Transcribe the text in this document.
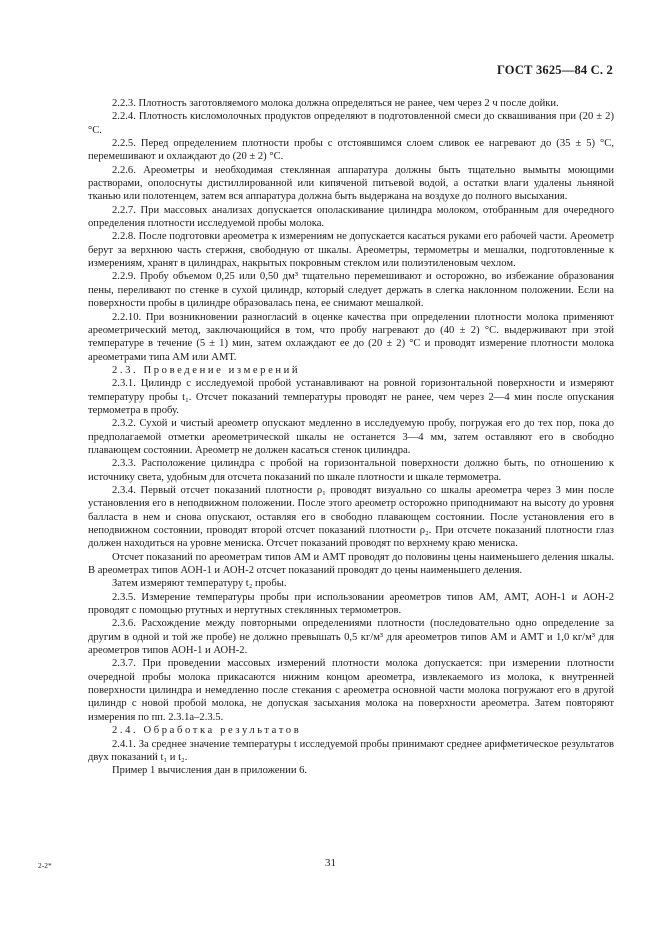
ГОСТ 3625—84 С. 2

2.2.3. Плотность заготовляемого молока должна определяться не ранее, чем через 2 ч после дойки.

2.2.4. Плотность кисломолочных продуктов определяют в подготовленной смеси до сквашивания при (20 ± 2) °С.

2.2.5. Перед определением плотности пробы с отстоявшимся слоем сливок ее нагревают до (35 ± 5) °С, перемешивают и охлаждают до (20 ± 2) °С.

2.2.6. Ареометры и необходимая стеклянная аппаратура должны быть тщательно вымыты моющими растворами, ополоснуты дистиллированной или кипяченой питьевой водой, а остатки влаги удалены льняной тканью или полотенцем, затем вся аппаратура должна быть выдержана на воздухе до полного высыхания.

2.2.7. При массовых анализах допускается ополаскивание цилиндра молоком, отобранным для очередного определения плотности исследуемой пробы молока.

2.2.8. После подготовки ареометра к измерениям не допускается касаться руками его рабочей части. Ареометр берут за верхнюю часть стержня, свободную от шкалы. Ареометры, термометры и мешалки, подготовленные к измерениям, хранят в цилиндрах, накрытых покровным стеклом или полиэтиленовым чехлом.

2.2.9. Пробу объемом 0,25 или 0,50 дм³ тщательно перемешивают и осторожно, во избежание образования пены, переливают по стенке в сухой цилиндр, который следует держать в слегка наклонном положении. Если на поверхности пробы в цилиндре образовалась пена, ее снимают мешалкой.

2.2.10. При возникновении разногласий в оценке качества при определении плотности молока применяют ареометрический метод, заключающийся в том, что пробу нагревают до (40 ± 2) °С. выдерживают при этой температуре в течение (5 ± 1) мин, затем охлаждают ее до (20 ± 2) °С и проводят измерение плотности молока ареометрами типа АМ или АМТ.

2.3. Проведение измерений

2.3.1. Цилиндр с исследуемой пробой устанавливают на ровной горизонтальной поверхности и измеряют температуру пробы t₁. Отсчет показаний температуры проводят не ранее, чем через 2—4 мин после опускания термометра в пробу.

2.3.2. Сухой и чистый ареометр опускают медленно в исследуемую пробу, погружая его до тех пор, пока до предполагаемой отметки ареометрической шкалы не останется 3—4 мм, затем оставляют его в свободно плавающем состоянии. Ареометр не должен касаться стенок цилиндра.

2.3.3. Расположение цилиндра с пробой на горизонтальной поверхности должно быть, по отношению к источнику света, удобным для отсчета показаний по шкале плотности и шкале термометра.

2.3.4. Первый отсчет показаний плотности ρ₁ проводят визуально со шкалы ареометра через 3 мин после установления его в неподвижном положении. После этого ареометр осторожно приподнимают на высоту до уровня балласта в нем и снова опускают, оставляя его в свободно плавающем состоянии. После установления его в неподвижном состоянии, проводят второй отсчет показаний плотности ρ₂. При отсчете показаний плотности глаз должен находиться на уровне мениска. Отсчет показаний проводят по верхнему краю мениска.

Отсчет показаний по ареометрам типов АМ и АМТ проводят до половины цены наименьшего деления шкалы. В ареометрах типов АОН-1 и АОН-2 отсчет показаний проводят до цены наименьшего деления.

Затем измеряют температуру t₂ пробы.

2.3.5. Измерение температуры пробы при использовании ареометров типов АМ, АМТ, АОН-1 и АОН-2 проводят с помощью ртутных и нертутных стеклянных термометров.

2.3.6. Расхождение между повторными определениями плотности (последовательно одно определение за другим в одной и той же пробе) не должно превышать 0,5 кг/м³ для ареометров типов АМ и АМТ и 1,0 кг/м³ для ареометров типов АОН-1 и АОН-2.

2.3.7. При проведении массовых измерений плотности молока допускается: при измерении плотности очередной пробы молока прикасаются нижним концом ареометра, извлекаемого из молока, к внутренней поверхности цилиндра и немедленно после стекания с ареометра основной части молока погружают его в другой цилиндр с новой пробой молока, не допуская засыхания молока на поверхности ареометра. Затем повторяют измерения по пп. 2.3.1а–2.3.5.

2.4. Обработка результатов

2.4.1. За среднее значение температуры t исследуемой пробы принимают среднее арифметическое результатов двух показаний t₁ и t₂.

Пример 1 вычисления дан в приложении 6.

2-2*	31
